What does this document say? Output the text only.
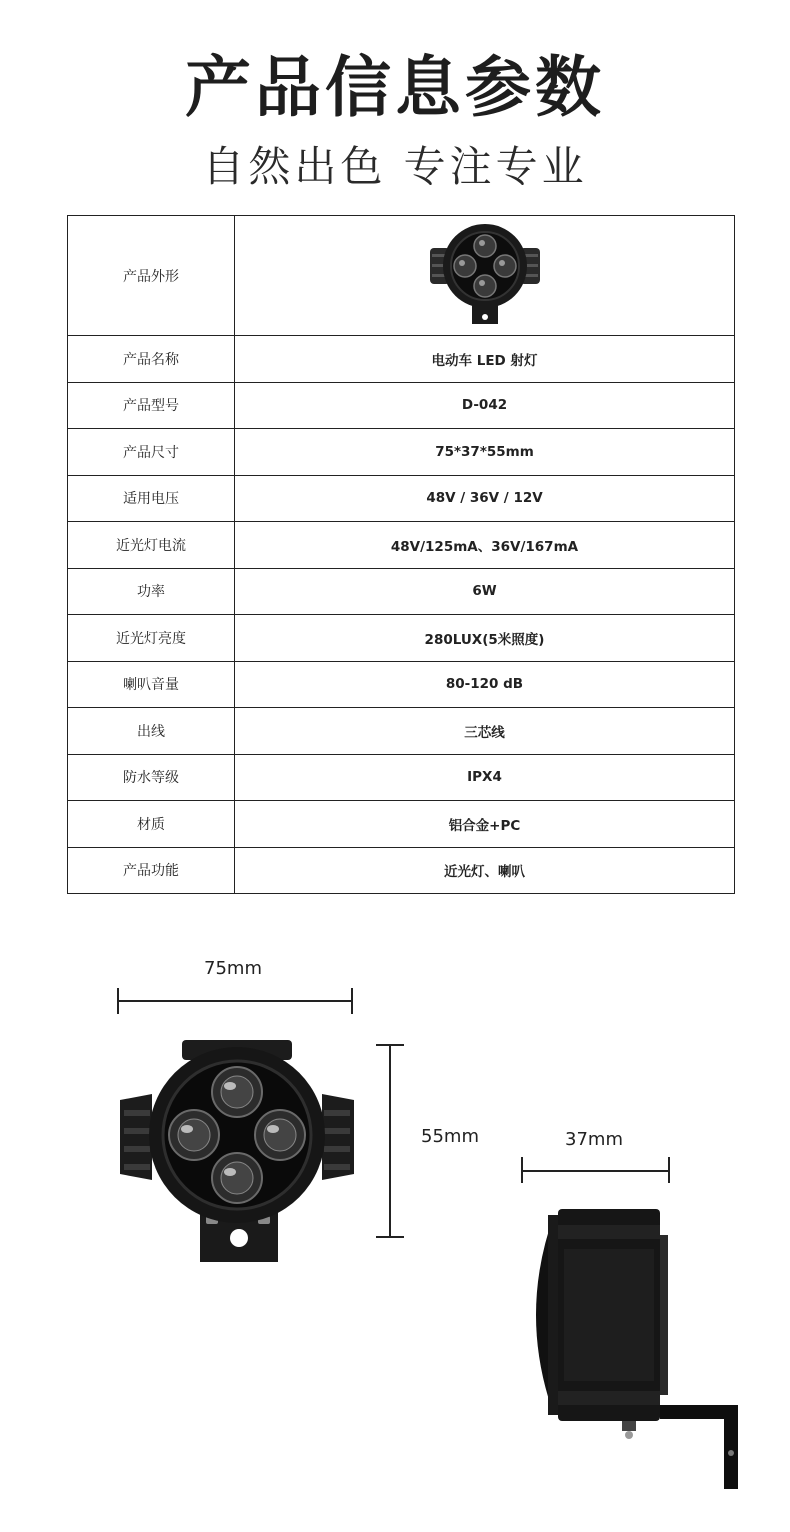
产品信息参数
自然出色 专注专业
产品外形	
产品名称	电动车 LED 射灯
产品型号	D-042
产品尺寸	75*37*55mm
适用电压	48V / 36V / 12V
近光灯电流	48V/125mA、36V/167mA
功率	6W
近光灯亮度	280LUX(5米照度)
喇叭音量	80-120 dB
出线	三芯线
防水等级	IPX4
材质	铝合金+PC
产品功能	近光灯、喇叭
75mm
55mm	37mm
